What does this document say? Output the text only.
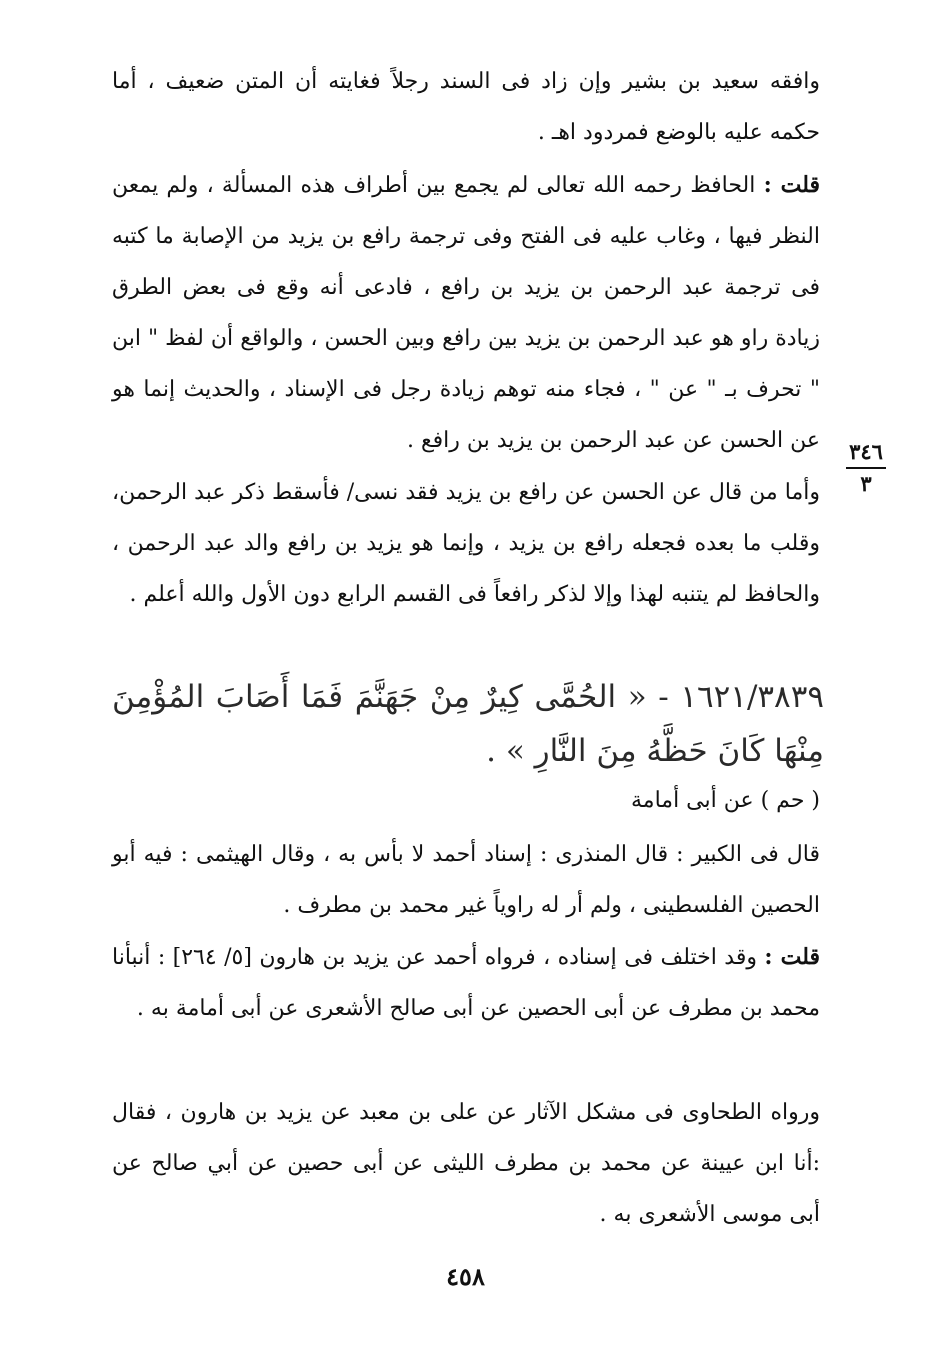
وافقه سعيد بن بشير وإن زاد فى السند رجلاً فغايته أن المتن ضعيف ، أما حكمه عليه بالوضع فمردود اهـ .

قلت : الحافظ رحمه الله تعالى لم يجمع بين أطراف هذه المسألة ، ولم يمعن النظر فيها ، وغاب عليه فى الفتح وفى ترجمة رافع بن يزيد من الإصابة ما كتبه فى ترجمة عبد الرحمن بن يزيد بن رافع ، فادعى أنه وقع فى بعض الطرق زيادة راو هو عبد الرحمن بن يزيد بين رافع وبين الحسن ، والواقع أن لفظ " ابن " تحرف بـ " عن " ، فجاء منه توهم زيادة رجل فى الإسناد ، والحديث إنما هو عن الحسن عن عبد الرحمن بن يزيد بن رافع .	٣٤٦
٣

وأما من قال عن الحسن عن رافع بن يزيد فقد نسى/ فأسقط ذكر عبد الرحمن، وقلب ما بعده فجعله رافع بن يزيد ، وإنما هو يزيد بن رافع والد عبد الرحمن ، والحافظ لم يتنبه لهذا وإلا لذكر رافعاً فى القسم الرابع دون الأول والله أعلم .

١٦٢١/٣٨٣٩ - « الحُمَّى كِيرٌ مِنْ جَهَنَّمَ فَمَا أَصَابَ المُؤْمِنَ مِنْهَا كَانَ حَظَّهُ مِنَ النَّارِ » .

( حم ) عن أبى أمامة

قال فى الكبير : قال المنذرى : إسناد أحمد لا بأس به ، وقال الهيثمى : فيه أبو الحصين الفلسطينى ، ولم أر له راوياً غير محمد بن مطرف .

قلت : وقد اختلف فى إسناده ، فرواه أحمد عن يزيد بن هارون [٥/ ٢٦٤] : أنبأنا محمد بن مطرف عن أبى الحصين عن أبى صالح الأشعرى عن أبى أمامة به .

ورواه الطحاوى فى مشكل الآثار عن على بن معبد عن يزيد بن هارون ، فقال :أنا ابن عيينة عن محمد بن مطرف الليثى عن أبى حصين عن أبي صالح عن أبى موسى الأشعرى به .

٤٥٨
